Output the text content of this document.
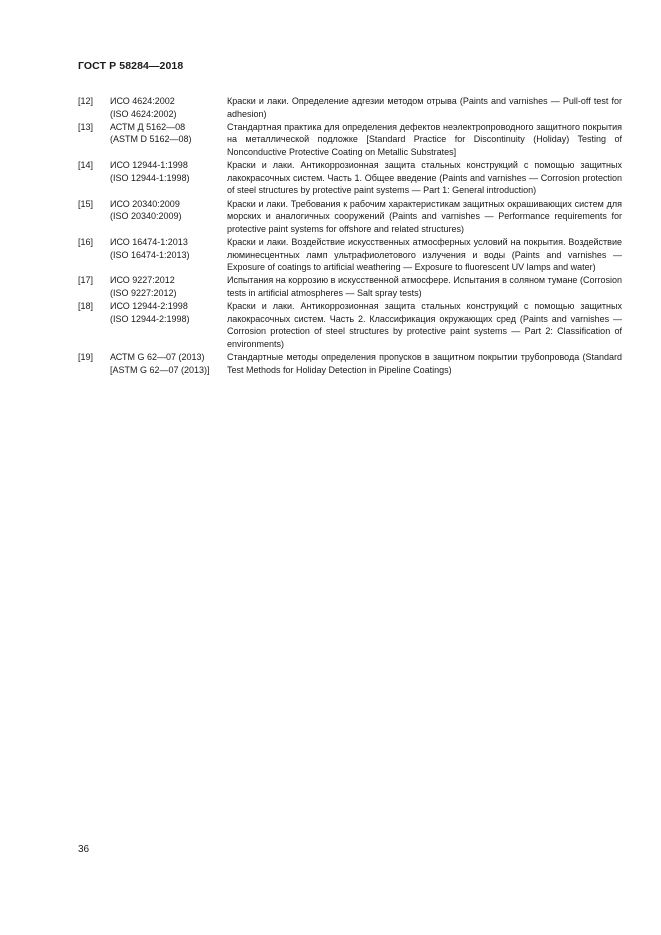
ГОСТ Р 58284—2018
[12]	ИСО 4624:2002
(ISO 4624:2002)
Краски и лаки. Определение адгезии методом отрыва (Paints and varnishes — Pull-off test for adhesion)
[13]	АСТМ Д 5162—08
(ASTM D 5162—08)
Стандартная практика для определения дефектов неэлектропроводного защитного покрытия на металлической подложке [Standard Practice for Discontinuity (Holiday) Testing of Nonconductive Protective Coating on Metallic Substrates]
[14]	ИСО 12944-1:1998
(ISO 12944-1:1998)
Краски и лаки. Антикоррозионная защита стальных конструкций с помощью защитных лакокрасочных систем. Часть 1. Общее введение (Paints and varnishes — Corrosion protection of steel structures by protective paint systems — Part 1: General introduction)
[15]	ИСО 20340:2009
(ISO 20340:2009)
Краски и лаки. Требования к рабочим характеристикам защитных окрашивающих систем для морских и аналогичных сооружений (Paints and varnishes — Performance requirements for protective paint systems for offshore and related structures)
[16]	ИСО 16474-1:2013
(ISO 16474-1:2013)
Краски и лаки. Воздействие искусственных атмосферных условий на покрытия. Воздействие люминесцентных ламп ультрафиолетового излучения и воды (Paints and varnishes — Exposure of coatings to artificial weathering — Exposure to fluorescent UV lamps and water)
[17]	ИСО 9227:2012
(ISO 9227:2012)
Испытания на коррозию в искусственной атмосфере. Испытания в соляном тумане (Corrosion tests in artificial atmospheres — Salt spray tests)
[18]	ИСО 12944-2:1998
(ISO 12944-2:1998)
Краски и лаки. Антикоррозионная защита стальных конструкций с помощью защитных лакокрасочных систем. Часть 2. Классификация окружающих сред (Paints and varnishes — Corrosion protection of steel structures by protective paint systems — Part 2: Classification of environments)
[19]	АСТМ G 62—07 (2013)
[ASTM G 62—07 (2013)]
Стандартные методы определения пропусков в защитном покрытии трубопровода (Standard Test Methods for Holiday Detection in Pipeline Coatings)
36
